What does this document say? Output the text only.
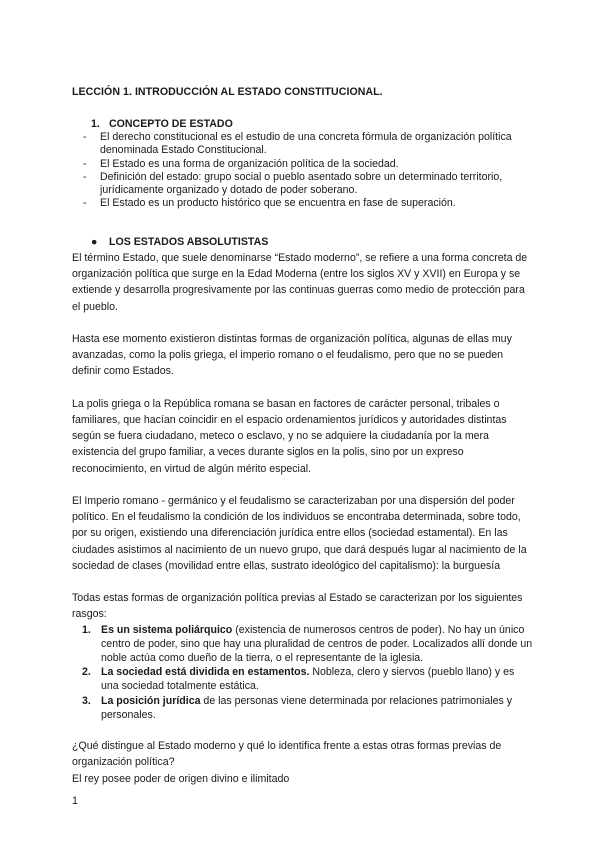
LECCIÓN 1. INTRODUCCIÓN AL ESTADO CONSTITUCIONAL.
1. CONCEPTO DE ESTADO

- El derecho constitucional es el estudio de una concreta fórmula de organización política denominada Estado Constitucional.

- El Estado es una forma de organización política de la sociedad.

- Definición del estado: grupo social o pueblo asentado sobre un determinado territorio, jurídicamente organizado y dotado de poder soberano.

- El Estado es un producto histórico que se encuentra en fase de superación.

● LOS ESTADOS ABSOLUTISTAS

El término Estado, que suele denominarse “Estado moderno”, se refiere a una forma concreta de organización política que surge en la Edad Moderna (entre los siglos XV y XVII) en Europa y se extiende y desarrolla progresivamente por las continuas guerras como medio de protección para el pueblo.

Hasta ese momento existieron distintas formas de organización política, algunas de ellas muy avanzadas, como la polis griega, el imperio romano o el feudalismo, pero que no se pueden definir como Estados.

La polis griega o la República romana se basan en factores de carácter personal, tribales o familiares, que hacían coincidir en el espacio ordenamientos jurídicos y autoridades distintas según se fuera ciudadano, meteco o esclavo, y no se adquiere la ciudadanía por la mera existencia del grupo familiar, a veces durante siglos en la polis, sino por un expreso reconocimiento, en virtud de algún mérito especial.

El Imperio romano - germánico y el feudalismo se caracterizaban por una dispersión del poder político. En el feudalismo la condición de los individuos se encontraba determinada, sobre todo, por su origen, existiendo una diferenciación jurídica entre ellos (sociedad estamental). En las ciudades asistimos al nacimiento de un nuevo grupo, que dará después lugar al nacimiento de la sociedad de clases (movilidad entre ellas, sustrato ideológico del capitalismo): la burguesía

Todas estas formas de organización política previas al Estado se caracterizan por los siguientes rasgos:

1. Es un sistema poliárquico (existencia de numerosos centros de poder). No hay un único centro de poder, sino que hay una pluralidad de centros de poder. Localizados allí donde un noble actúa como dueño de la tierra, o el representante de la iglesia.
2. La sociedad está dividida en estamentos. Nobleza, clero y siervos (pueblo llano) y es una sociedad totalmente estática.
3. La posición jurídica de las personas viene determinada por relaciones patrimoniales y personales.

¿Qué distingue al Estado moderno y qué lo identifica frente a estas otras formas previas de organización política?

El rey posee poder de origen divino e ilimitado

1
